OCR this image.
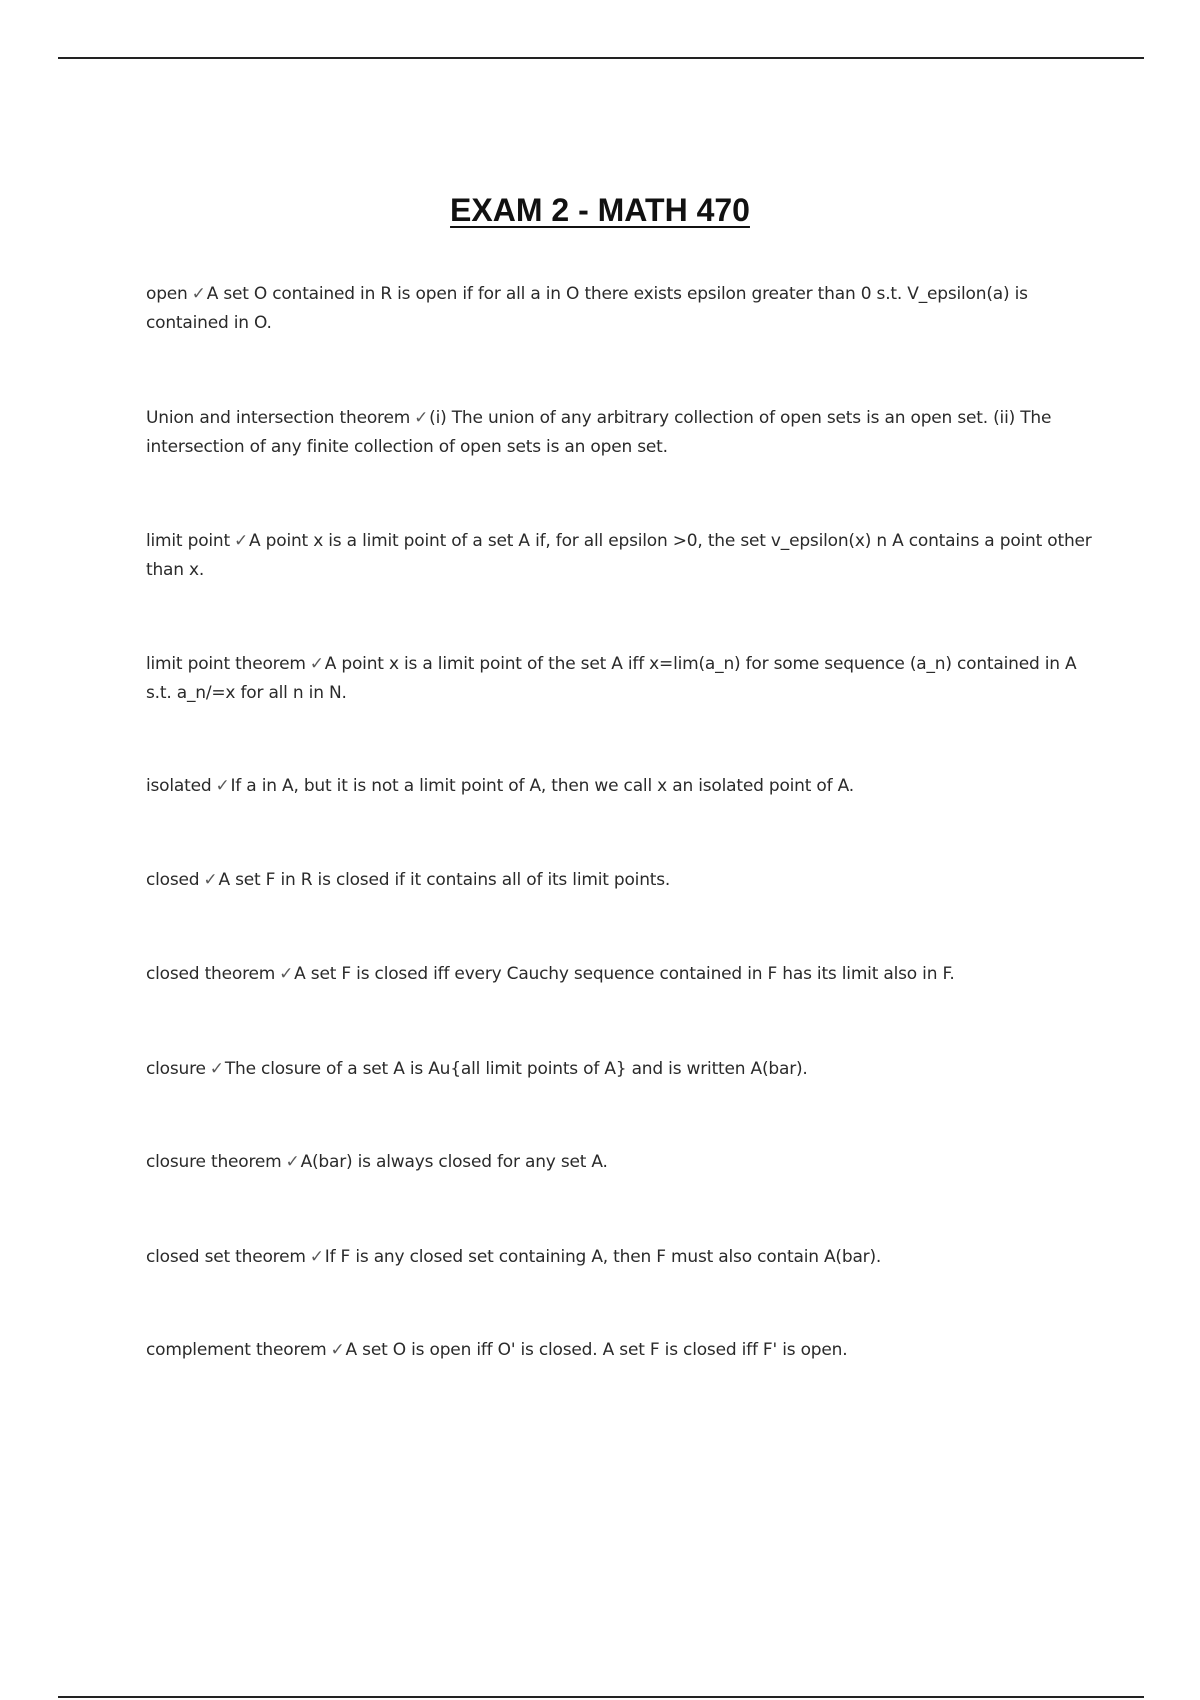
EXAM 2 - MATH 470
open ✓A set O contained in R is open if for all a in O there exists epsilon greater than 0 s.t. V_epsilon(a) is contained in O.
Union and intersection theorem ✓(i) The union of any arbitrary collection of open sets is an open set. (ii) The intersection of any finite collection of open sets is an open set.
limit point ✓A point x is a limit point of a set A if, for all epsilon >0, the set v_epsilon(x) n A contains a point other than x.
limit point theorem ✓A point x is a limit point of the set A iff x=lim(a_n) for some sequence (a_n) contained in A s.t. a_n/=x for all n in N.
isolated ✓If a in A, but it is not a limit point of A, then we call x an isolated point of A.
closed ✓A set F in R is closed if it contains all of its limit points.
closed theorem ✓A set F is closed iff every Cauchy sequence contained in F has its limit also in F.
closure ✓The closure of a set A is Au{all limit points of A} and is written A(bar).
closure theorem ✓A(bar) is always closed for any set A.
closed set theorem ✓If F is any closed set containing A, then F must also contain A(bar).
complement theorem ✓A set O is open iff O' is closed. A set F is closed iff F' is open.
